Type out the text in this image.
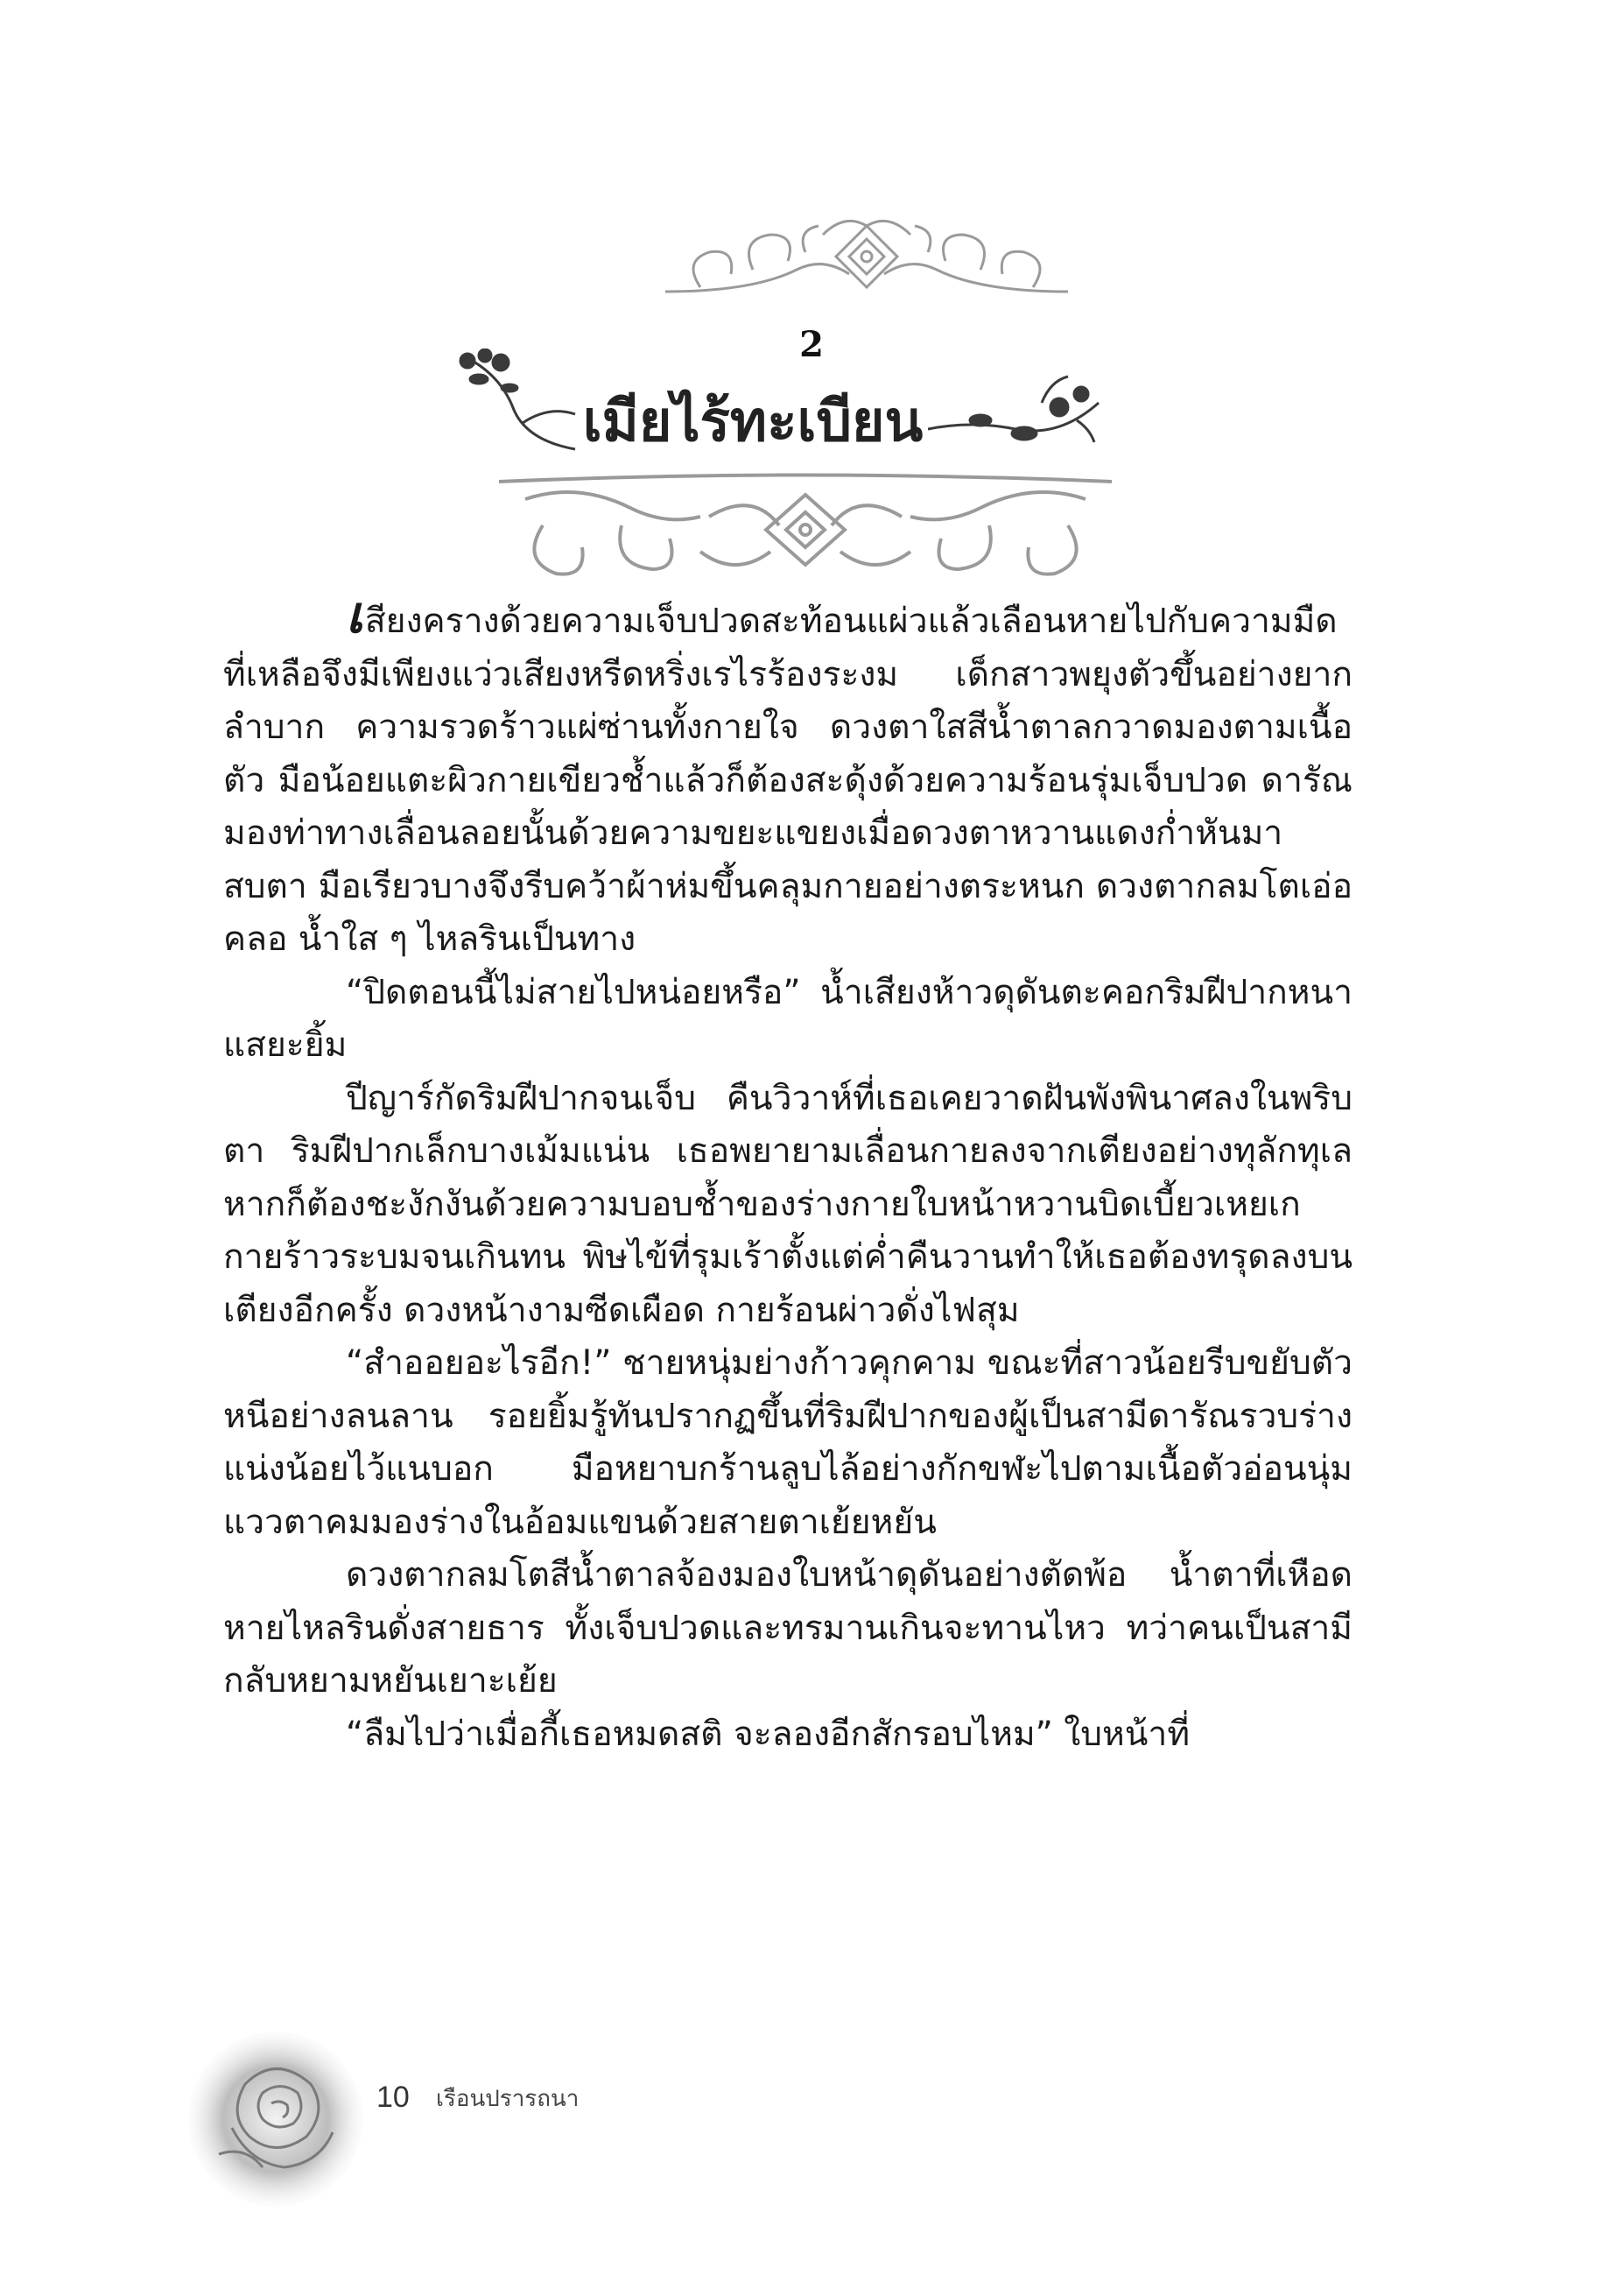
2
เมียไร้ทะเบียน

เสียงครางด้วยความเจ็บปวดสะท้อนแผ่วแล้วเลือนหายไปกับความมืด ที่เหลือจึงมีเพียงแว่วเสียงหรีดหริ่งเรไรร้องระงม เด็กสาวพยุงตัวขึ้นอย่างยากลำบาก ความรวดร้าวแผ่ซ่านทั้งกายใจ ดวงตาใสสีน้ำตาลกวาดมองตามเนื้อตัว มือน้อยแตะผิวกายเขียวช้ำแล้วก็ต้องสะดุ้งด้วยความร้อนรุ่มเจ็บปวด ดารัณมองท่าทางเลื่อนลอยนั้นด้วยความขยะแขยงเมื่อดวงตาหวานแดงก่ำหันมาสบตา มือเรียวบางจึงรีบคว้าผ้าห่มขึ้นคลุมกายอย่างตระหนก ดวงตากลมโตเอ่อคลอ น้ำใส ๆ ไหลรินเป็นทาง

“ปิดตอนนี้ไม่สายไปหน่อยหรือ” น้ำเสียงห้าวดุดันตะคอกริมฝีปากหนาแสยะยิ้ม

ปีญาร์กัดริมฝีปากจนเจ็บ คืนวิวาห์ที่เธอเคยวาดฝันพังพินาศลงในพริบตา ริมฝีปากเล็กบางเม้มแน่น เธอพยายามเลื่อนกายลงจากเตียงอย่างทุลักทุเล หากก็ต้องชะงักงันด้วยความบอบช้ำของร่างกายใบหน้าหวานบิดเบี้ยวเหยเก กายร้าวระบมจนเกินทน พิษไข้ที่รุมเร้าตั้งแต่ค่ำคืนวานทำให้เธอต้องทรุดลงบนเตียงอีกครั้ง ดวงหน้างามซีดเผือด กายร้อนผ่าวดั่งไฟสุม

“สำออยอะไรอีก!” ชายหนุ่มย่างก้าวคุกคาม ขณะที่สาวน้อยรีบขยับตัวหนีอย่างลนลาน รอยยิ้มรู้ทันปรากฏขึ้นที่ริมฝีปากของผู้เป็นสามีดารัณรวบร่างแน่งน้อยไว้แนบอก มือหยาบกร้านลูบไล้อย่างกักขฬะไปตามเนื้อตัวอ่อนนุ่ม แววตาคมมองร่างในอ้อมแขนด้วยสายตาเย้ยหยัน

ดวงตากลมโตสีน้ำตาลจ้องมองใบหน้าดุดันอย่างตัดพ้อ น้ำตาที่เหือดหายไหลรินดั่งสายธาร ทั้งเจ็บปวดและทรมานเกินจะทานไหว ทว่าคนเป็นสามีกลับหยามหยันเยาะเย้ย

“ลืมไปว่าเมื่อกี้เธอหมดสติ จะลองอีกสักรอบไหม” ใบหน้าที่

10 เรือนปรารถนา
